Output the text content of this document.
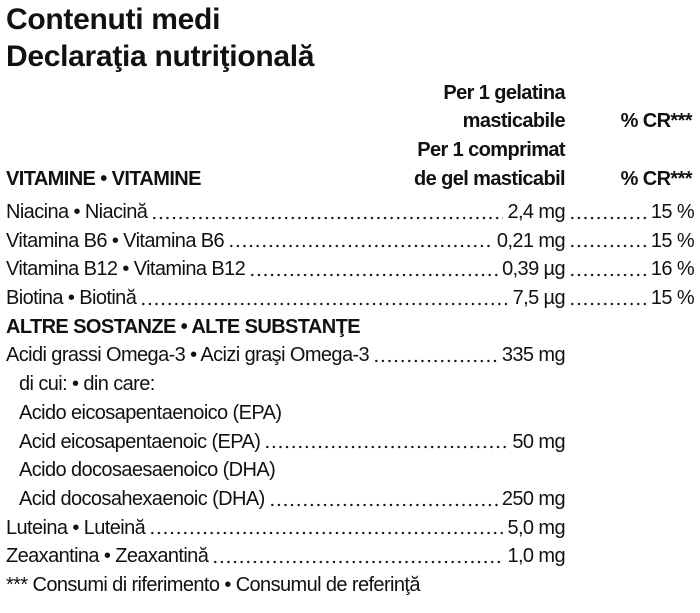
Contenuti medi
Declaraţia nutriţională
Per 1 gelatina
masticabile	% CR***
Per 1 comprimat
de gel masticabil	% CR***
VITAMINE • VITAMINE
Niacina • Niacină	2,4 mg	15 %
Vitamina B6 • Vitamina B6	0,21 mg	15 %
Vitamina B12 • Vitamina B12	0,39 µg	16 %
Biotina • Biotină	7,5 µg	15 %
ALTRE SOSTANZE • ALTE SUBSTANŢE
Acidi grassi Omega-3 • Acizi graşi Omega-3	335 mg
di cui: • din care:
Acido eicosapentaenoico (EPA)
Acid eicosapentaenoic (EPA)	50 mg
Acido docosaesaenoico (DHA)
Acid docosahexaenoic (DHA)	250 mg
Luteina • Luteină	5,0 mg
Zeaxantina • Zeaxantină	1,0 mg
*** Consumi di riferimento • Consumul de referinţă
